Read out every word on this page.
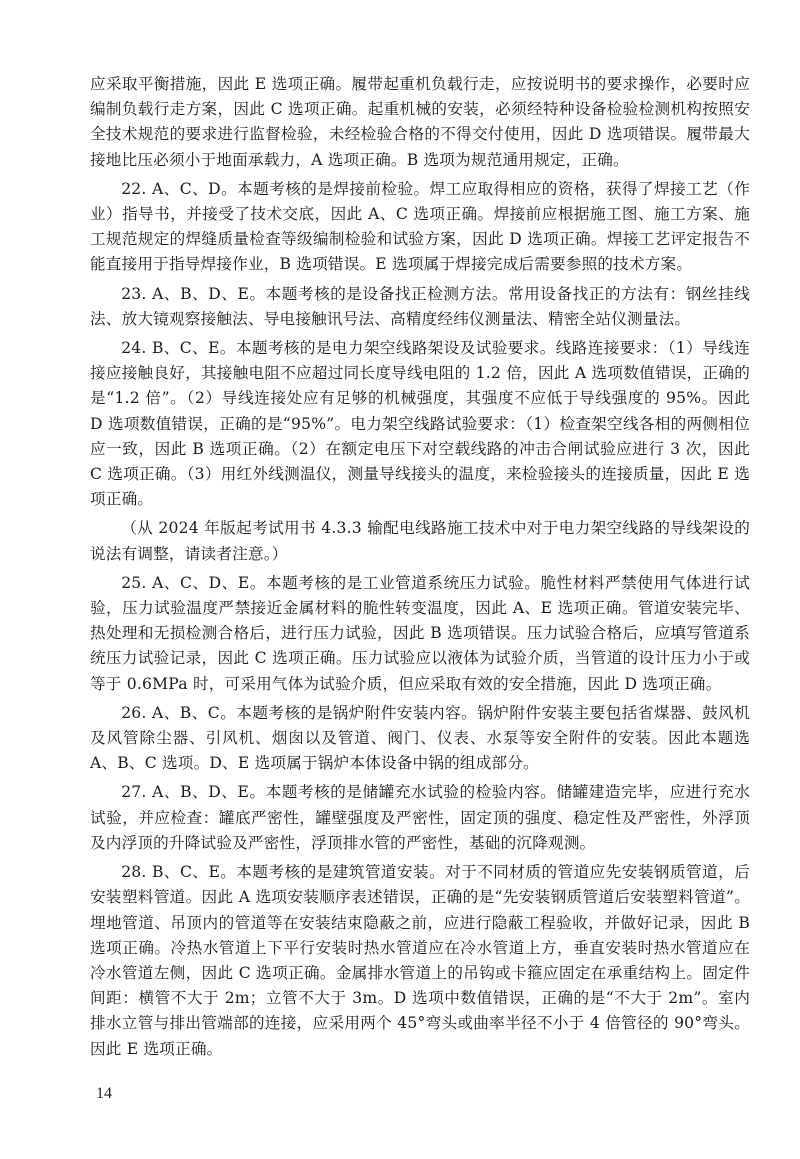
应采取平衡措施，因此 E 选项正确。履带起重机负载行走，应按说明书的要求操作，必要时应编制负载行走方案，因此 C 选项正确。起重机械的安装，必须经特种设备检验检测机构按照安全技术规范的要求进行监督检验，未经检验合格的不得交付使用，因此 D 选项错误。履带最大接地比压必须小于地面承载力，A 选项正确。B 选项为规范通用规定，正确。

22. A、C、D。本题考核的是焊接前检验。焊工应取得相应的资格，获得了焊接工艺（作业）指导书，并接受了技术交底，因此 A、C 选项正确。焊接前应根据施工图、施工方案、施工规范规定的焊缝质量检查等级编制检验和试验方案，因此 D 选项正确。焊接工艺评定报告不能直接用于指导焊接作业，B 选项错误。E 选项属于焊接完成后需要参照的技术方案。

23. A、B、D、E。本题考核的是设备找正检测方法。常用设备找正的方法有：钢丝挂线法、放大镜观察接触法、导电接触讯号法、高精度经纬仪测量法、精密全站仪测量法。

24. B、C、E。本题考核的是电力架空线路架设及试验要求。线路连接要求：（1）导线连接应接触良好，其接触电阻不应超过同长度导线电阻的 1.2 倍，因此 A 选项数值错误，正确的是“1.2 倍”。（2）导线连接处应有足够的机械强度，其强度不应低于导线强度的 95%。因此 D 选项数值错误，正确的是“95%”。电力架空线路试验要求：（1）检查架空线各相的两侧相位应一致，因此 B 选项正确。（2）在额定电压下对空载线路的冲击合闸试验应进行 3 次，因此 C 选项正确。（3）用红外线测温仪，测量导线接头的温度，来检验接头的连接质量，因此 E 选项正确。

（从 2024 年版起考试用书 4.3.3 输配电线路施工技术中对于电力架空线路的导线架设的说法有调整，请读者注意。）

25. A、C、D、E。本题考核的是工业管道系统压力试验。脆性材料严禁使用气体进行试验，压力试验温度严禁接近金属材料的脆性转变温度，因此 A、E 选项正确。管道安装完毕、热处理和无损检测合格后，进行压力试验，因此 B 选项错误。压力试验合格后，应填写管道系统压力试验记录，因此 C 选项正确。压力试验应以液体为试验介质，当管道的设计压力小于或等于 0.6MPa 时，可采用气体为试验介质，但应采取有效的安全措施，因此 D 选项正确。

26. A、B、C。本题考核的是锅炉附件安装内容。锅炉附件安装主要包括省煤器、鼓风机及风管除尘器、引风机、烟囱以及管道、阀门、仪表、水泵等安全附件的安装。因此本题选 A、B、C 选项。D、E 选项属于锅炉本体设备中锅的组成部分。

27. A、B、D、E。本题考核的是储罐充水试验的检验内容。储罐建造完毕，应进行充水试验，并应检查：罐底严密性，罐壁强度及严密性，固定顶的强度、稳定性及严密性，外浮顶及内浮顶的升降试验及严密性，浮顶排水管的严密性，基础的沉降观测。

28. B、C、E。本题考核的是建筑管道安装。对于不同材质的管道应先安装钢质管道，后安装塑料管道。因此 A 选项安装顺序表述错误，正确的是“先安装钢质管道后安装塑料管道”。埋地管道、吊顶内的管道等在安装结束隐蔽之前，应进行隐蔽工程验收，并做好记录，因此 B 选项正确。冷热水管道上下平行安装时热水管道应在冷水管道上方，垂直安装时热水管道应在冷水管道左侧，因此 C 选项正确。金属排水管道上的吊钩或卡箍应固定在承重结构上。固定件间距：横管不大于 2m；立管不大于 3m。D 选项中数值错误，正确的是“不大于 2m”。室内排水立管与排出管端部的连接，应采用两个 45°弯头或曲率半径不小于 4 倍管径的 90°弯头。因此 E 选项正确。

14
